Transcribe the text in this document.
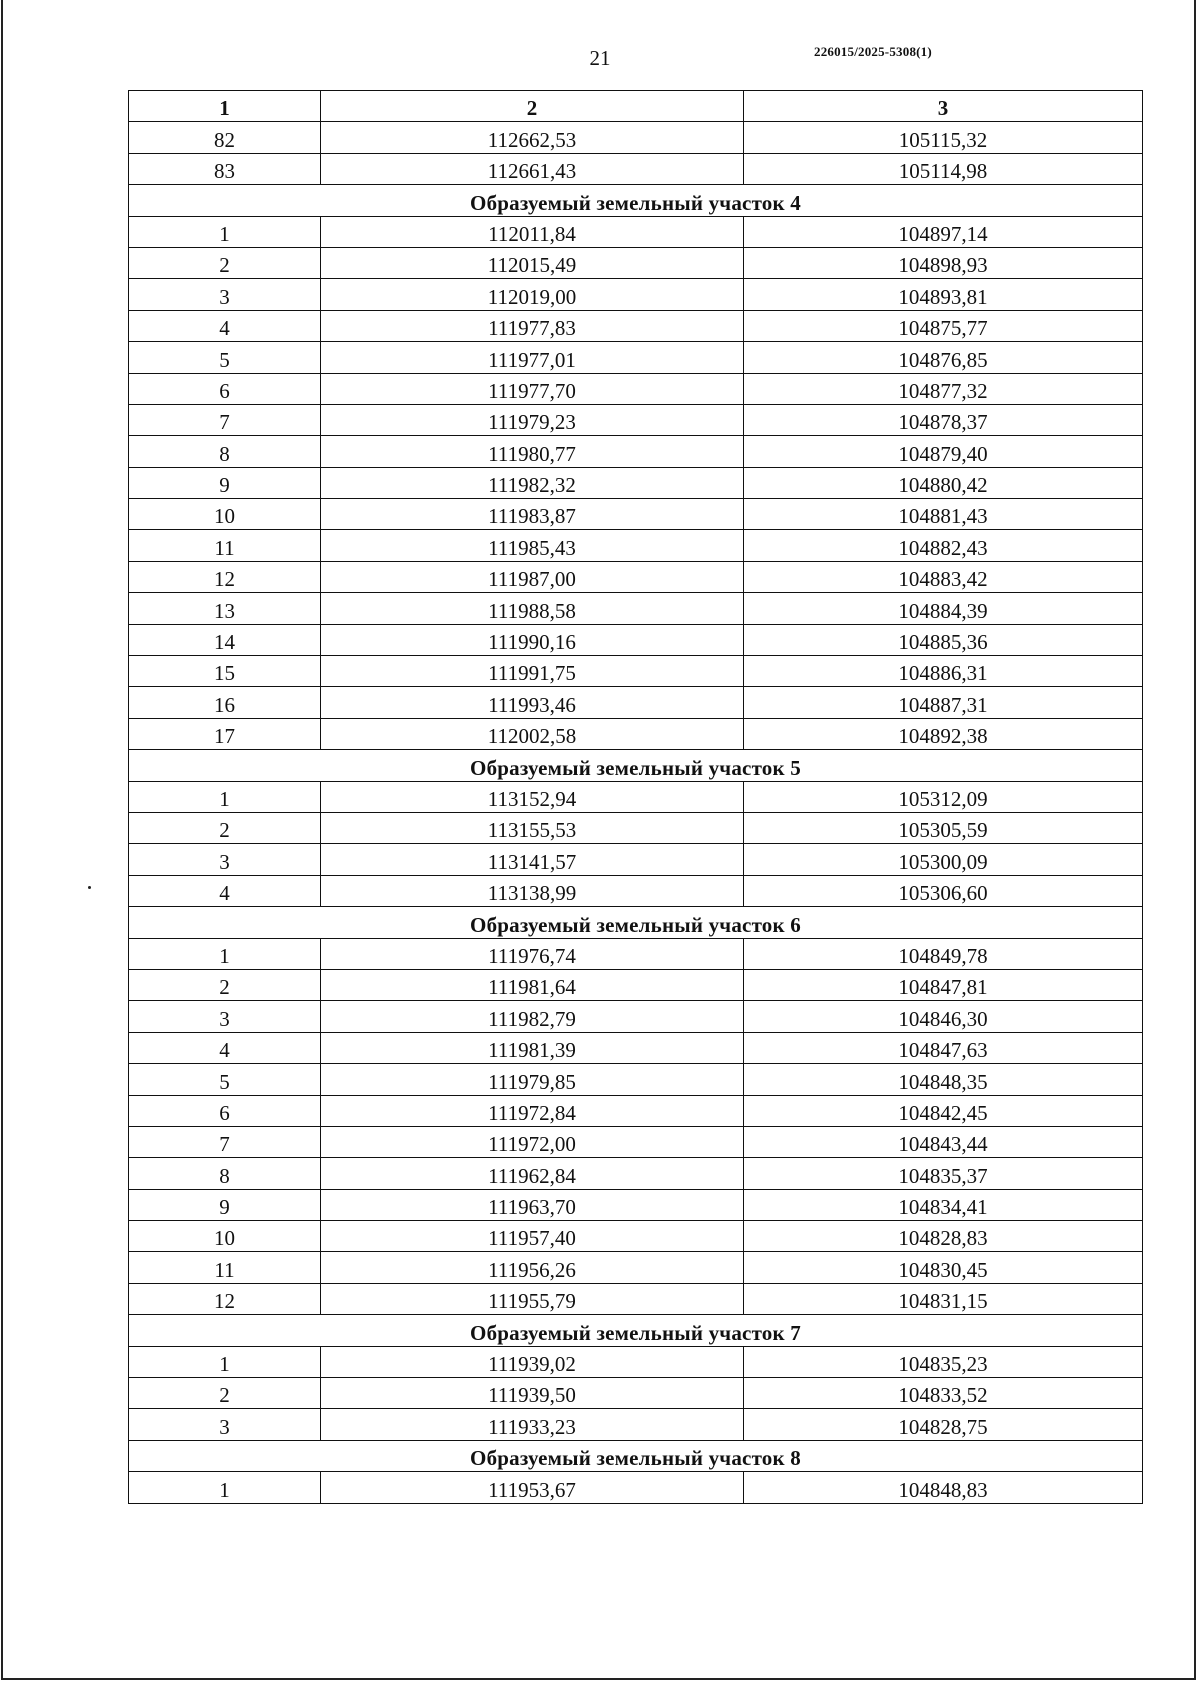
21	226015/2025-5308(1)
1	2	3
82	112662,53	105115,32
83	112661,43	105114,98
Образуемый земельный участок 4		
1	112011,84	104897,14
2	112015,49	104898,93
3	112019,00	104893,81
4	111977,83	104875,77
5	111977,01	104876,85
6	111977,70	104877,32
7	111979,23	104878,37
8	111980,77	104879,40
9	111982,32	104880,42
10	111983,87	104881,43
11	111985,43	104882,43
12	111987,00	104883,42
13	111988,58	104884,39
14	111990,16	104885,36
15	111991,75	104886,31
16	111993,46	104887,31
17	112002,58	104892,38
Образуемый земельный участок 5		
1	113152,94	105312,09
2	113155,53	105305,59
3	113141,57	105300,09
4	113138,99	105306,60
Образуемый земельный участок 6		
1	111976,74	104849,78
2	111981,64	104847,81
3	111982,79	104846,30
4	111981,39	104847,63
5	111979,85	104848,35
6	111972,84	104842,45
7	111972,00	104843,44
8	111962,84	104835,37
9	111963,70	104834,41
10	111957,40	104828,83
11	111956,26	104830,45
12	111955,79	104831,15
Образуемый земельный участок 7		
1	111939,02	104835,23
2	111939,50	104833,52
3	111933,23	104828,75
Образуемый земельный участок 8		
1	111953,67	104848,83
